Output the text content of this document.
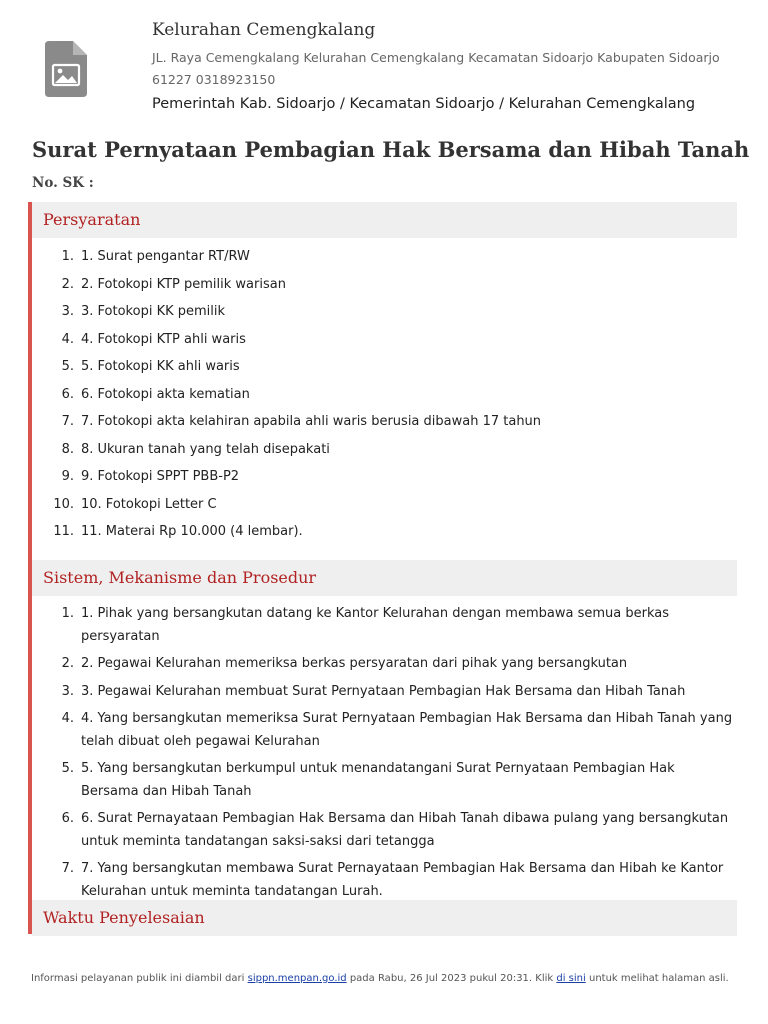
Kelurahan Cemengkalang
JL. Raya Cemengkalang Kelurahan Cemengkalang Kecamatan Sidoarjo Kabupaten Sidoarjo 61227 0318923150
Pemerintah Kab. Sidoarjo / Kecamatan Sidoarjo / Kelurahan Cemengkalang
Surat Pernyataan Pembagian Hak Bersama dan Hibah Tanah
No. SK :
Persyaratan
1. 1. Surat pengantar RT/RW
2. 2. Fotokopi KTP pemilik warisan
3. 3. Fotokopi KK pemilik
4. 4. Fotokopi KTP ahli waris
5. 5. Fotokopi KK ahli waris
6. 6. Fotokopi akta kematian
7. 7. Fotokopi akta kelahiran apabila ahli waris berusia dibawah 17 tahun
8. 8. Ukuran tanah yang telah disepakati
9. 9. Fotokopi SPPT PBB-P2
10. 10. Fotokopi Letter C
11. 11. Materai Rp 10.000 (4 lembar).
Sistem, Mekanisme dan Prosedur
1. 1. Pihak yang bersangkutan datang ke Kantor Kelurahan dengan membawa semua berkas persyaratan
2. 2. Pegawai Kelurahan memeriksa berkas persyaratan dari pihak yang bersangkutan
3. 3. Pegawai Kelurahan membuat Surat Pernyataan Pembagian Hak Bersama dan Hibah Tanah
4. 4. Yang bersangkutan memeriksa Surat Pernyataan Pembagian Hak Bersama dan Hibah Tanah yang telah dibuat oleh pegawai Kelurahan
5. 5. Yang bersangkutan berkumpul untuk menandatangani Surat Pernyataan Pembagian Hak Bersama dan Hibah Tanah
6. 6. Surat Pernayataan Pembagian Hak Bersama dan Hibah Tanah dibawa pulang yang bersangkutan untuk meminta tandatangan saksi-saksi dari tetangga
7. 7. Yang bersangkutan membawa Surat Pernayataan Pembagian Hak Bersama dan Hibah ke Kantor Kelurahan untuk meminta tandatangan Lurah.
Waktu Penyelesaian
Informasi pelayanan publik ini diambil dari sippn.menpan.go.id pada Rabu, 26 Jul 2023 pukul 20:31. Klik di sini untuk melihat halaman asli.
